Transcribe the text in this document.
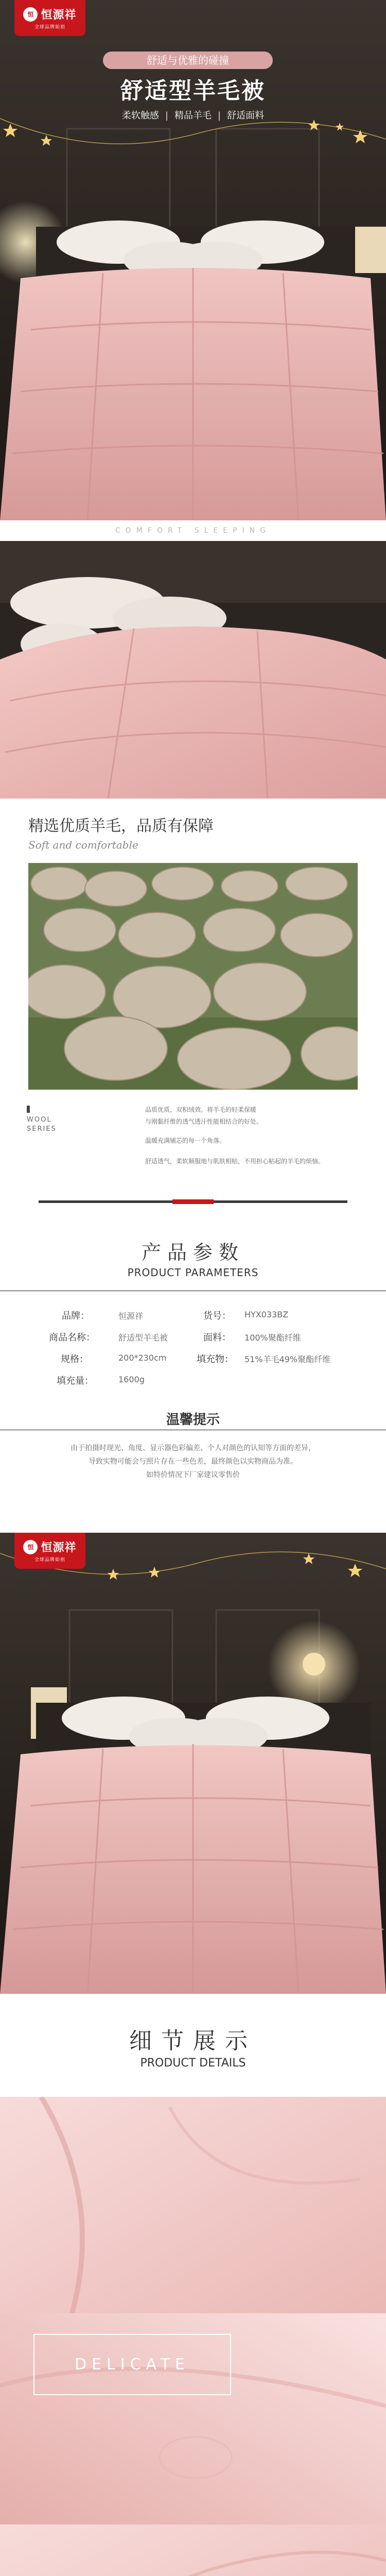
恒 恒源祥
全球品牌始祖
舒适与优雅的碰撞
舒适型羊毛被
柔软触感 | 精品羊毛 | 舒适面料
COMFORT SLEEPING
精选优质羊毛，品质有保障
Soft and comfortable
WOOL
SERIES
品质优质，双积绒效。将羊毛的轻柔保暖
与刚黏纤维的透气透汗性能相结合的好处。
温暖充满铺芯的每一个角落。
舒适透气，柔软顺服地与肌肤相贴，不用担心粘起的羊毛的烦恼。
产品参数
PRODUCT PARAMETERS
品牌：	恒源祥	货号： HYX033BZ
商品名称：	舒适型羊毛被	面料： 100%聚酯纤维
规格：	200*230cm	填充物： 51%羊毛49%聚酯纤维
填充量：	1600g
温馨提示
由于拍摄时现光、角度、显示器色彩偏差、个人对颜色的认知等方面的差异，
导致实物可能会与照片存在一些色差，最终颜色以实物商品为准。
如特价情况下厂家建议零售价
恒 恒源祥
全球品牌始祖
细节展示
PRODUCT DETAILS
DELICATE
